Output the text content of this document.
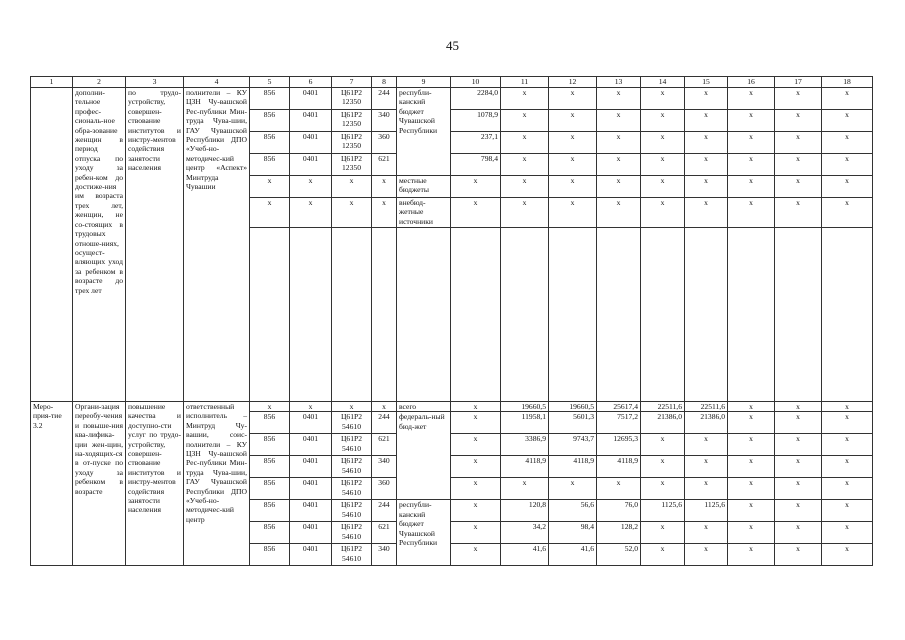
45
1	2	3	4	5	6	7	8	9	10	11	12	13	14	15	16	17	18
	дополни-тельное профес-сиональ-ное обра-зование женщин в период отпуска по уходу за ребен-ком до достиже-ния им возраста трех лет, женщин, не со-стоящих в трудовых отноше-ниях, осущест-вляющих уход за ребенком в возрасте до трех лет	по трудо-устройству, совершен-ствование институтов и инстру-ментов содействия занятости населения	полнители – КУ ЦЗН Чу-вашской Рес-публики Мин-труда Чува-шии, ГАУ Чувашской Республики ДПО «Учеб-но-методичес-кий центр «Аспект» Минтруда Чувашии	856	0401	Ц61Р2 12350	244	республи-канский бюджет Чувашской Республики	2284,0	x	x	x	x	x	x	x	x
				856	0401	Ц61Р2 12350	340		1078,9	x	x	x	x	x	x	x	x
				856	0401	Ц61Р2 12350	360		237,1	x	x	x	x	x	x	x	x
				856	0401	Ц61Р2 12350	621		798,4	x	x	x	x	x	x	x	x
				x	x	x	x	местные бюджеты	x	x	x	x	x	x	x	x	x
				x	x	x	x	внебюд-жетные источники	x	x	x	x	x	x	x	x	x

Меро-прия-тие 3.2	Органи-зация переобу-чения и повыше-ния ква-лифика-ции жен-щин, на-ходящих-ся в от-пуске по уходу за ребенком в возрасте	повышение качества и доступно-сти услуг по трудо-устройству, совершен-ствование институтов и инстру-ментов содействия занятости населения	ответственный исполнитель – Минтруд Чу-вашии, соис-полнители – КУ ЦЗН Чу-вашской Рес-публики Мин-труда Чува-шии, ГАУ Чувашской Республики ДПО «Учеб-но-методичес-кий центр	x	x	x	x	всего	x	19660,5	19660,5	25617,4	22511,6	22511,6	x	x	x
				856	0401	Ц61Р2 54610	244	федераль-ный бюд-жет	x	11958,1	5601,3	7517,2	21386,0	21386,0	x	x	x
				856	0401	Ц61Р2 54610	621		x	3386,9	9743,7	12695,3	x	x	x	x	x
				856	0401	Ц61Р2 54610	340		x	4118,9	4118,9	4118,9	x	x	x	x	x
				856	0401	Ц61Р2 54610	360		x	x	x	x	x	x	x	x	x
				856	0401	Ц61Р2 54610	244	республи-канский бюджет Чувашской Республики	x	120,8	56,6	76,0	1125,6	1125,6	x	x	x
				856	0401	Ц61Р2 54610	621		x	34,2	98,4	128,2	x	x	x	x	x
				856	0401	Ц61Р2 54610	340		x	41,6	41,6	52,0	x	x	x	x	x
